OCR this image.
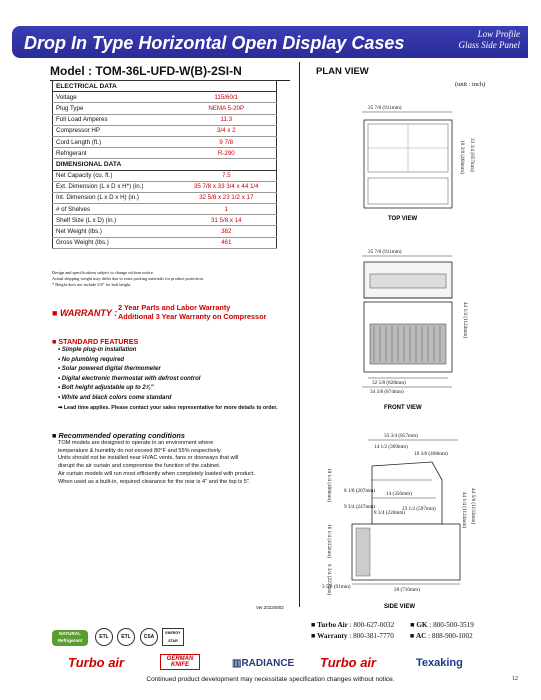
Drop In Type Horizontal Open Display Cases	Low Profile
Glass Side Panel
Model : TOM-36L-UFD-W(B)-2SI-N
ELECTRICAL DATA	
Voltage	115/60/1
Plug Type	NEMA 5-20P
Full Load Amperes	11.3
Compressor HP	3/4 x 2
Cord Length (ft.)	9 7/8
Refrigerant	R-290
DIMENSIONAL DATA	
Net Capacity (cu. ft.)	7.5
Ext. Dimension (L x D x H*) (in.)	35 7/8 x 33 3/4 x 44 1/4
Int. Dimension (L x D x H) (in.)	32 5/8 x 23 1/2 x 17
# of Shelves	1
Shelf Size (L x D) (in.)	31 5/8 x 14
Net Weight (lbs.)	382
Gross Weight (lbs.)	461
Design and specifications subject to change without notice.
Actual shipping weight may differ due to extra packing materials for product protection.
* Height does not include 5/8" for bolt height.
■ WARRANTY :
2 Year Parts and Labor Warranty
Additional 3 Year Warranty on Compressor
■ STANDARD FEATURES
• Simple plug-in installation
• No plumbing required
• Solar powered digital thermometer
• Digital electronic thermostat with defrost control
• Bolt height adjustable up to 2⅞"
• White and black colors come standard
➡ Lead time applies. Please contact your sales representative for more details to order.
■ Recommended operating conditions
TOM models are designed to operate in an environment where
temperature & humidity do not exceed 80°F and 55% respectively.
Units should not be installed near HVAC vents, fans or doorways that will
disrupt the air curtain and compromise the function of the cabinet.
Air curtain models will run most efficiently when completely loaded with product.
When used as a built-in, required clearance for the rear is 4" and the top is 5".
Ver.20220802
PLAN VIEW
(unit : inch)
35 7/8 (911mm)
18 3/8 (468mm) 33 3/4 (857mm)
TOP VIEW
35 7/8 (911mm)
32 5/8 (828mm)
34 3/8 (874mm)
44 1/4 (1124mm)
FRONT VIEW
33 3/4 (857mm)
14 1/2 (369mm)
18 3/8 (468mm)
8 1/8 (207mm) 14 (356mm)
9 3/4 (247mm)	23 1/2 (597mm)
8 3/4 (220mm)
19 1/4 (488mm)
16 1/4 (412mm)
44 1/4 (1124mm) 44 5/8 (1133mm)
8 3/4 (223mm)
3 5/8 (91mm)	28 (710mm)
SIDE VIEW
■ Turbo Air : 800-627-0032 ■ GK : 800-500-3519
■ Warranty : 800-381-7770 ■ AC : 888-900-1002
NATURAL Refrigerant
ETL	ETL	CSA
ENERGY STAR
Turbo air	GERMAN KNIFE	▥RADIANCE Turbo air	Texaking
Continued product development may necessitate specification changes without notice.	12
